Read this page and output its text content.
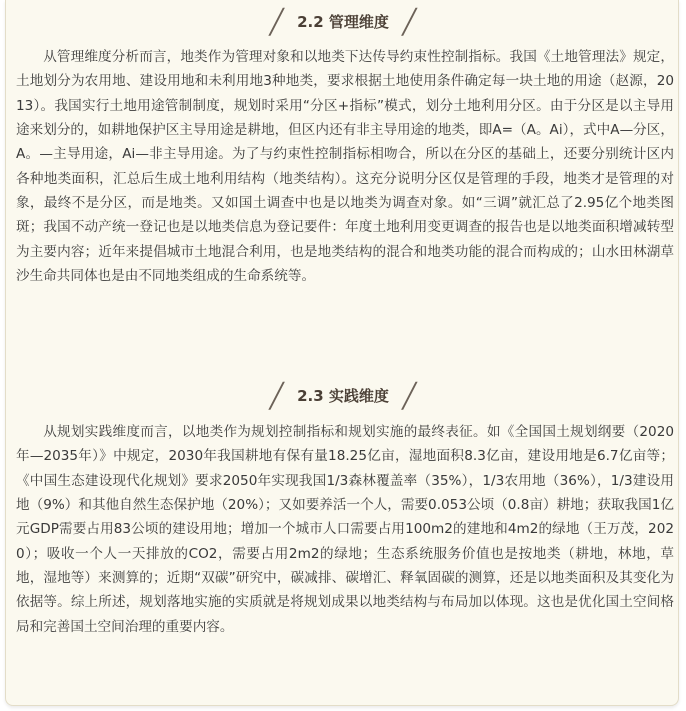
╱ 2.2 管理维度 ╱

从管理维度分析而言，地类作为管理对象和以地类下达传导约束性控制指标。我国《土地管理法》规定，土地划分为农用地、建设用地和未利用地3种地类，要求根据土地使用条件确定每一块土地的用途（赵源，2013）。我国实行土地用途管制制度，规划时采用“分区+指标”模式，划分土地利用分区。由于分区是以主导用途来划分的，如耕地保护区主导用途是耕地，但区内还有非主导用途的地类，即A=（A。Ai），式中A—分区，A。—主导用途，Ai—非主导用途。为了与约束性控制指标相吻合，所以在分区的基础上，还要分别统计区内各种地类面积，汇总后生成土地利用结构（地类结构）。这充分说明分区仅是管理的手段，地类才是管理的对象，最终不是分区，而是地类。又如国土调查中也是以地类为调查对象。如“三调”就汇总了2.95亿个地类图斑；我国不动产统一登记也是以地类信息为登记要件：年度土地利用变更调查的报告也是以地类面积增减转型为主要内容；近年来提倡城市土地混合利用，也是地类结构的混合和地类功能的混合而构成的；山水田林湖草沙生命共同体也是由不同地类组成的生命系统等。

╱ 2.3 实践维度 ╱

从规划实践维度而言，以地类作为规划控制指标和规划实施的最终表征。如《全国国土规划纲要（2020年—2035年）》中规定，2030年我国耕地有保有量18.25亿亩，湿地面积8.3亿亩，建设用地是6.7亿亩等；《中国生态建设现代化规划》要求2050年实现我国1/3森林覆盖率（35%），1/3农用地（36%），1/3建设用地（9%）和其他自然生态保护地（20%）；又如要养活一个人，需要0.053公顷（0.8亩）耕地；获取我国1亿元GDP需要占用83公顷的建设用地；增加一个城市人口需要占用100m2的建地和4m2的绿地（王万茂，2020）；吸收一个人一天排放的CO2，需要占用2m2的绿地；生态系统服务价值也是按地类（耕地，林地，草地，湿地等）来测算的；近期“双碳”研究中，碳减排、碳增汇、释氧固碳的测算，还是以地类面积及其变化为依据等。综上所述，规划落地实施的实质就是将规划成果以地类结构与布局加以体现。这也是优化国土空间格局和完善国土空间治理的重要内容。
